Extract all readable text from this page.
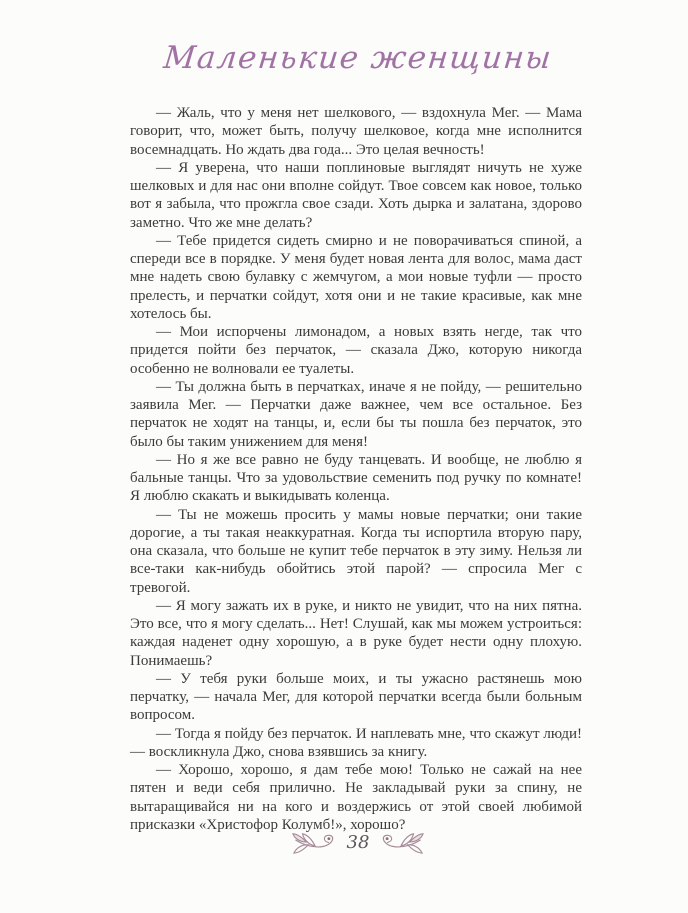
Маленькие женщины

— Жаль, что у меня нет шелкового, — вздохнула Мег. — Мама говорит, что, может быть, получу шелковое, когда мне исполнится восемнадцать. Но ждать два года... Это целая вечность!

— Я уверена, что наши поплиновые выглядят ничуть не хуже шелковых и для нас они вполне сойдут. Твое совсем как новое, только вот я забыла, что прожгла свое сзади. Хоть дырка и залатана, здорово заметно. Что же мне делать?

— Тебе придется сидеть смирно и не поворачиваться спиной, а спереди все в порядке. У меня будет новая лента для волос, мама даст мне надеть свою булавку с жемчугом, а мои новые туфли — просто прелесть, и перчатки сойдут, хотя они и не такие красивые, как мне хотелось бы.

— Мои испорчены лимонадом, а новых взять негде, так что придется пойти без перчаток, — сказала Джо, которую никогда особенно не волновали ее туалеты.

— Ты должна быть в перчатках, иначе я не пойду, — решительно заявила Мег. — Перчатки даже важнее, чем все остальное. Без перчаток не ходят на танцы, и, если бы ты пошла без перчаток, это было бы таким унижением для меня!

— Но я же все равно не буду танцевать. И вообще, не люблю я бальные танцы. Что за удовольствие семенить под ручку по комнате! Я люблю скакать и выкидывать коленца.

— Ты не можешь просить у мамы новые перчатки; они такие дорогие, а ты такая неаккуратная. Когда ты испортила вторую пару, она сказала, что больше не купит тебе перчаток в эту зиму. Нельзя ли все-таки как-нибудь обойтись этой парой? — спросила Мег с тревогой.

— Я могу зажать их в руке, и никто не увидит, что на них пятна. Это все, что я могу сделать... Нет! Слушай, как мы можем устроиться: каждая наденет одну хорошую, а в руке будет нести одну плохую. Понимаешь?

— У тебя руки больше моих, и ты ужасно растянешь мою перчатку, — начала Мег, для которой перчатки всегда были больным вопросом.

— Тогда я пойду без перчаток. И наплевать мне, что скажут люди! — воскликнула Джо, снова взявшись за книгу.

— Хорошо, хорошо, я дам тебе мою! Только не сажай на нее пятен и веди себя прилично. Не закладывай руки за спину, не вытаращивайся ни на кого и воздержись от этой своей любимой присказки «Христофор Колумб!», хорошо?

38
